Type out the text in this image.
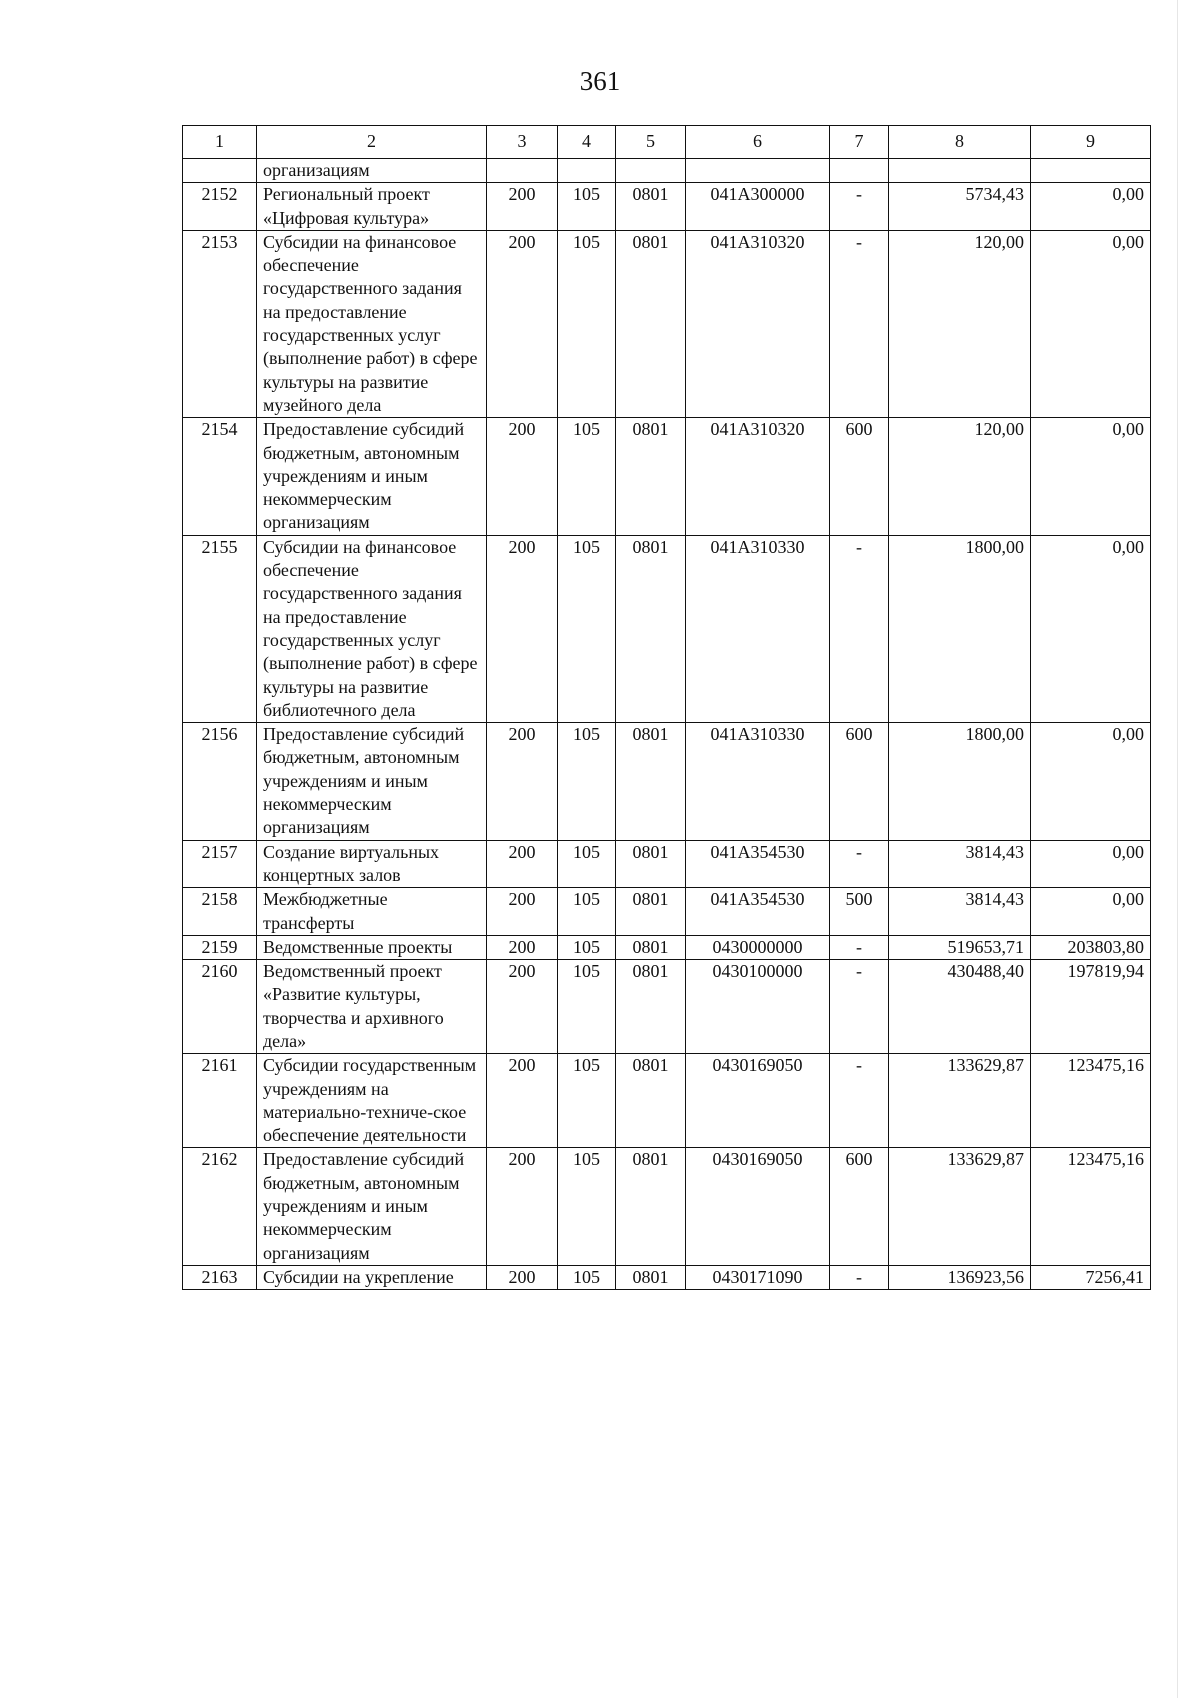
361
1	2	3	4	5	6	7	8	9
	организациям							
2152	Региональный проект «Цифровая культура»	200	105	0801	041А300000	-	5734,43	0,00
2153	Субсидии на финансовое обеспечение государственного задания на предоставление государственных услуг (выполнение работ) в сфере культуры на развитие музейного дела	200	105	0801	041А310320	-	120,00	0,00
2154	Предоставление субсидий бюджетным, автономным учреждениям и иным некоммерческим организациям	200	105	0801	041А310320	600	120,00	0,00
2155	Субсидии на финансовое обеспечение государственного задания на предоставление государственных услуг (выполнение работ) в сфере культуры на развитие библиотечного дела	200	105	0801	041А310330	-	1800,00	0,00
2156	Предоставление субсидий бюджетным, автономным учреждениям и иным некоммерческим организациям	200	105	0801	041А310330	600	1800,00	0,00
2157	Создание виртуальных концертных залов	200	105	0801	041А354530	-	3814,43	0,00
2158	Межбюджетные трансферты	200	105	0801	041А354530	500	3814,43	0,00
2159	Ведомственные проекты	200	105	0801	0430000000	-	519653,71	203803,80
2160	Ведомственный проект «Развитие культуры, творчества и архивного дела»	200	105	0801	0430100000	-	430488,40	197819,94
2161	Субсидии государственным учреждениям на материально-техниче-ское обеспечение деятельности	200	105	0801	0430169050	-	133629,87	123475,16
2162	Предоставление субсидий бюджетным, автономным учреждениям и иным некоммерческим организациям	200	105	0801	0430169050	600	133629,87	123475,16
2163	Субсидии на укрепление	200	105	0801	0430171090	-	136923,56	7256,41
